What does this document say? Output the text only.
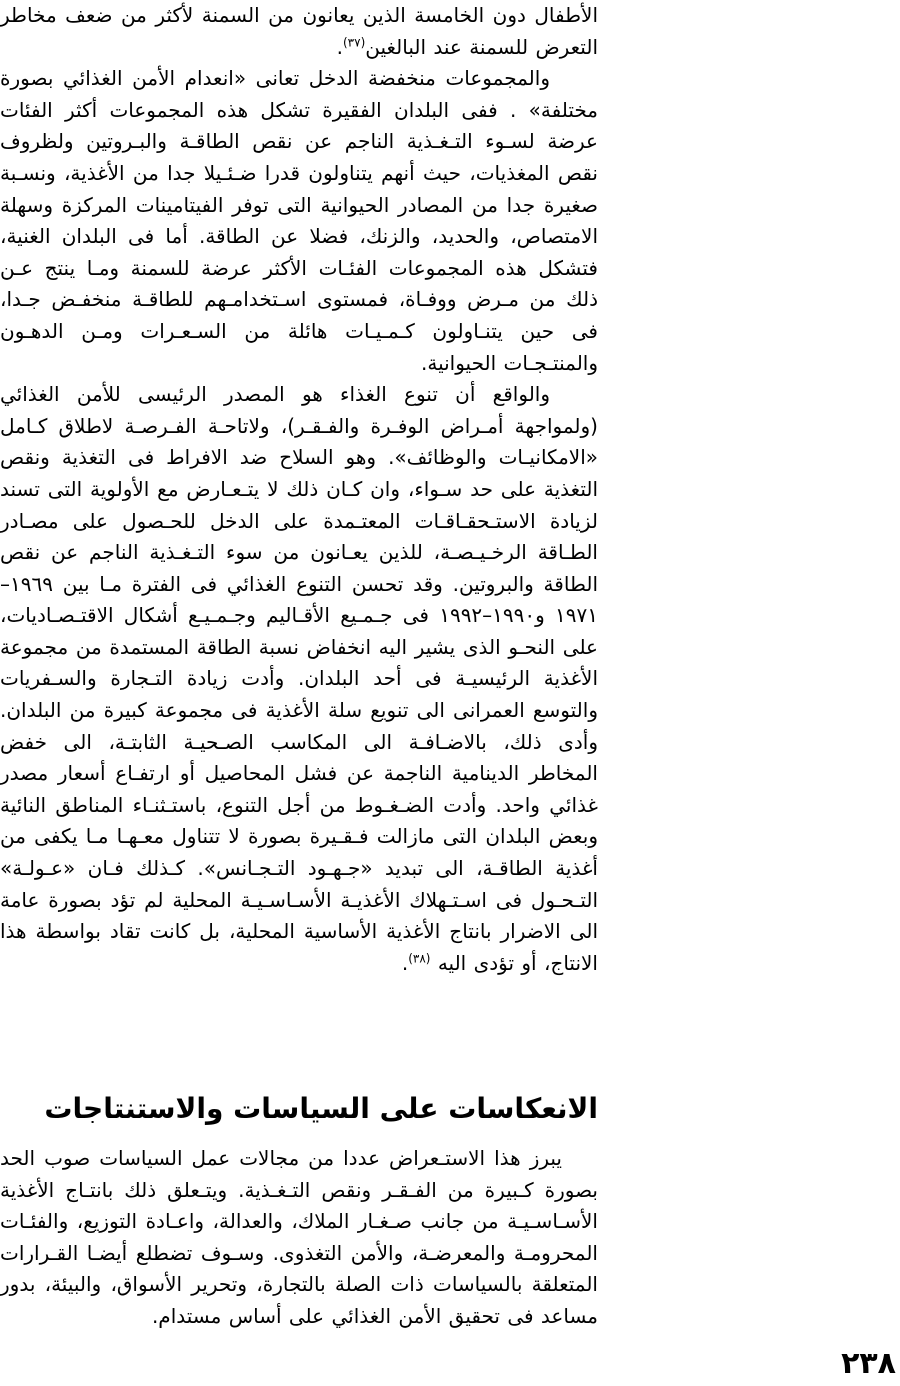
الأطفال دون الخامسة الذين يعانون من السمنة لأكثر من ضعف مخاطر التعرض للسمنة عند البالغين$^{(٣٧)}$.

والمجموعات منخفضة الدخل تعانى «انعدام الأمن الغذائي بصورة مختلفة» . ففى البلدان الفقيرة تشكل هذه المجموعات أكثر الفئات عرضة لسـوء التـغـذية الناجم عن نقص الطاقـة والبـروتين ولظروف نقص المغذيات، حيث أنهم يتناولون قدرا ضـئـيلا جدا من الأغذية، ونسـبة صغيرة جدا من المصادر الحيوانية التى توفر الفيتامينات المركزة وسهلة الامتصاص، والحديد، والزنك، فضلا عن الطاقة. أما فى البلدان الغنية، فتشكل هذه المجموعات الفئـات الأكثر عرضة للسمنة ومـا ينتج عـن ذلك من مـرض ووفـاة، فمستوى اسـتخدامـهم للطاقـة منخفـض جـدا، فى حين يتنـاولون كـمـيـات هائلة من السـعـرات ومـن الدهـون والمنتـجـات الحيوانية.

والواقع أن تنوع الغذاء هو المصدر الرئيسى للأمن الغذائي (ولمواجهة أمـراض الوفـرة والفـقـر)، ولاتاحـة الفـرصـة لاطلاق كـامل «الامكانيـات والوظائف». وهو السلاح ضد الافراط فى التغذية ونقص التغذية على حد سـواء، وان كـان ذلك لا يتـعـارض مع الأولوية التى تسند لزيادة الاستـحقـاقـات المعتـمدة على الدخل للحـصول على مصـادر الطـاقة الرخـيـصـة، للذين يعـانون من سوء التـغـذية الناجم عن نقص الطاقة والبروتين. وقد تحسن التنوع الغذائي فى الفترة مـا بين ١٩٦٩– ١٩٧١ و١٩٩٠–١٩٩٢ فى جـمـيع الأقـاليم وجـمـيـع أشكال الاقتـصـاديات، على النحـو الذى يشير اليه انخفاض نسبة الطاقة المستمدة من مجموعة الأغذية الرئيسيـة فى أحد البلدان. وأدت زيادة التـجارة والسـفريات والتوسع العمرانى الى تنويع سلة الأغذية فى مجموعة كبيرة من البلدان. وأدى ذلك، بالاضـافـة الى المكاسب الصـحيـة الثابتـة، الى خفض المخاطر الدينامية الناجمة عن فشل المحاصيل أو ارتفـاع أسعار مصدر غذائي واحد. وأدت الضـغـوط من أجل التنوع، باستـثنـاء المناطق النائية وبعض البلدان التى مازالت فـقـيرة بصورة لا تتناول معـهـا مـا يكفى من أغذية الطاقـة، الى تبديد «جـهـود التـجـانس». كـذلك فـان «عـولـة» التـحـول فى اسـتـهلاك الأغذيـة الأسـاسـيـة المحلية لم تؤد بصورة عامة الى الاضرار بانتاج الأغذية الأساسية المحلية، بل كانت تقاد بواسطة هذا الانتاج، أو تؤدى اليه $^{(٣٨)}$.

الانعكاسات على السياسات والاستنتاجات

يبرز هذا الاستـعراض عددا من مجالات عمل السياسات صوب الحد بصورة كـبيرة من الفـقـر ونقص التـغـذية. ويتـعلق ذلك بانتـاج الأغذية الأسـاسـيـة من جانب صـغـار الملاك، والعدالة، واعـادة التوزيع، والفئـات المحرومـة والمعرضـة، والأمن التغذوى. وسـوف تضطلع أيضـا القـرارات المتعلقة بالسياسات ذات الصلة بالتجارة، وتحرير الأسواق، والبيئة، بدور مساعد فى تحقيق الأمن الغذائي على أساس مستدام.

٢٣٨
